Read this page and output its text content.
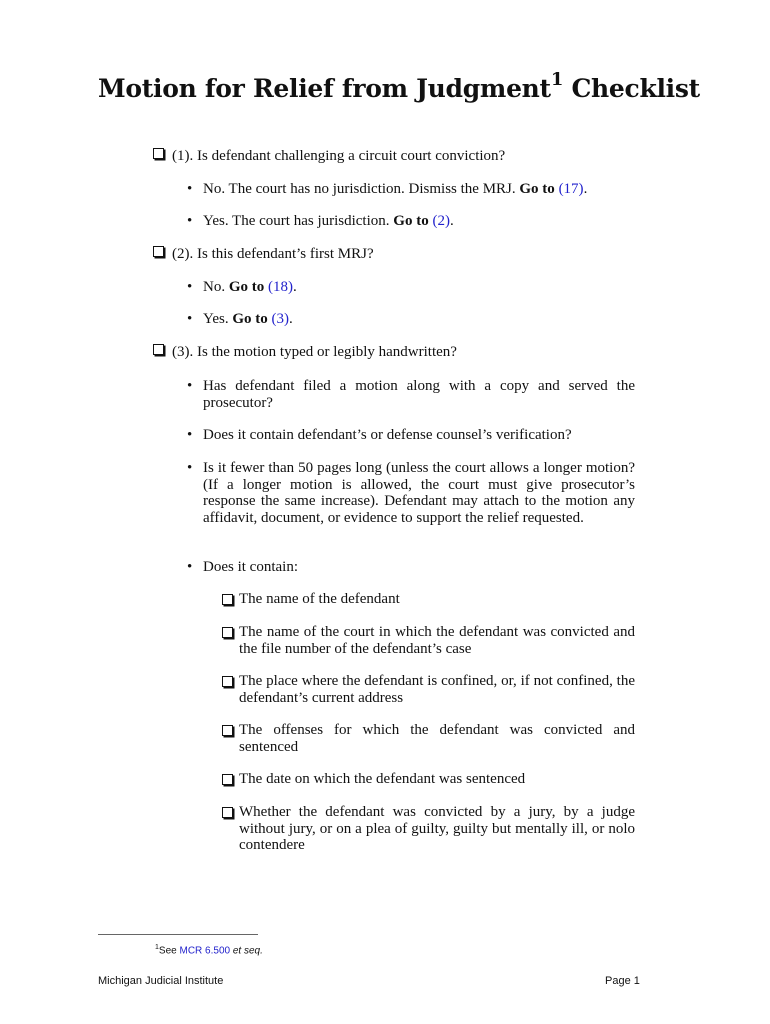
Motion for Relief from Judgment$^1$ Checklist
(1). Is defendant challenging a circuit court conviction?
• No. The court has no jurisdiction. Dismiss the MRJ. Go to (17).
• Yes. The court has jurisdiction. Go to (2).
(2). Is this defendant’s first MRJ?
• No. Go to (18).
• Yes. Go to (3).
(3). Is the motion typed or legibly handwritten?
• Has defendant filed a motion along with a copy and served the prosecutor?
• Does it contain defendant’s or defense counsel’s verification?
• Is it fewer than 50 pages long (unless the court allows a longer motion? (If a longer motion is allowed, the court must give prosecutor’s response the same increase). Defendant may attach to the motion any affidavit, document, or evidence to support the relief requested.
• Does it contain:
The name of the defendant
The name of the court in which the defendant was convicted and the file number of the defendant’s case
The place where the defendant is confined, or, if not confined, the defendant’s current address
The offenses for which the defendant was convicted and sentenced
The date on which the defendant was sentenced
Whether the defendant was convicted by a jury, by a judge without jury, or on a plea of guilty, guilty but mentally ill, or nolo contendere
$^1$See MCR 6.500 et seq.
Michigan Judicial Institute	Page 1
